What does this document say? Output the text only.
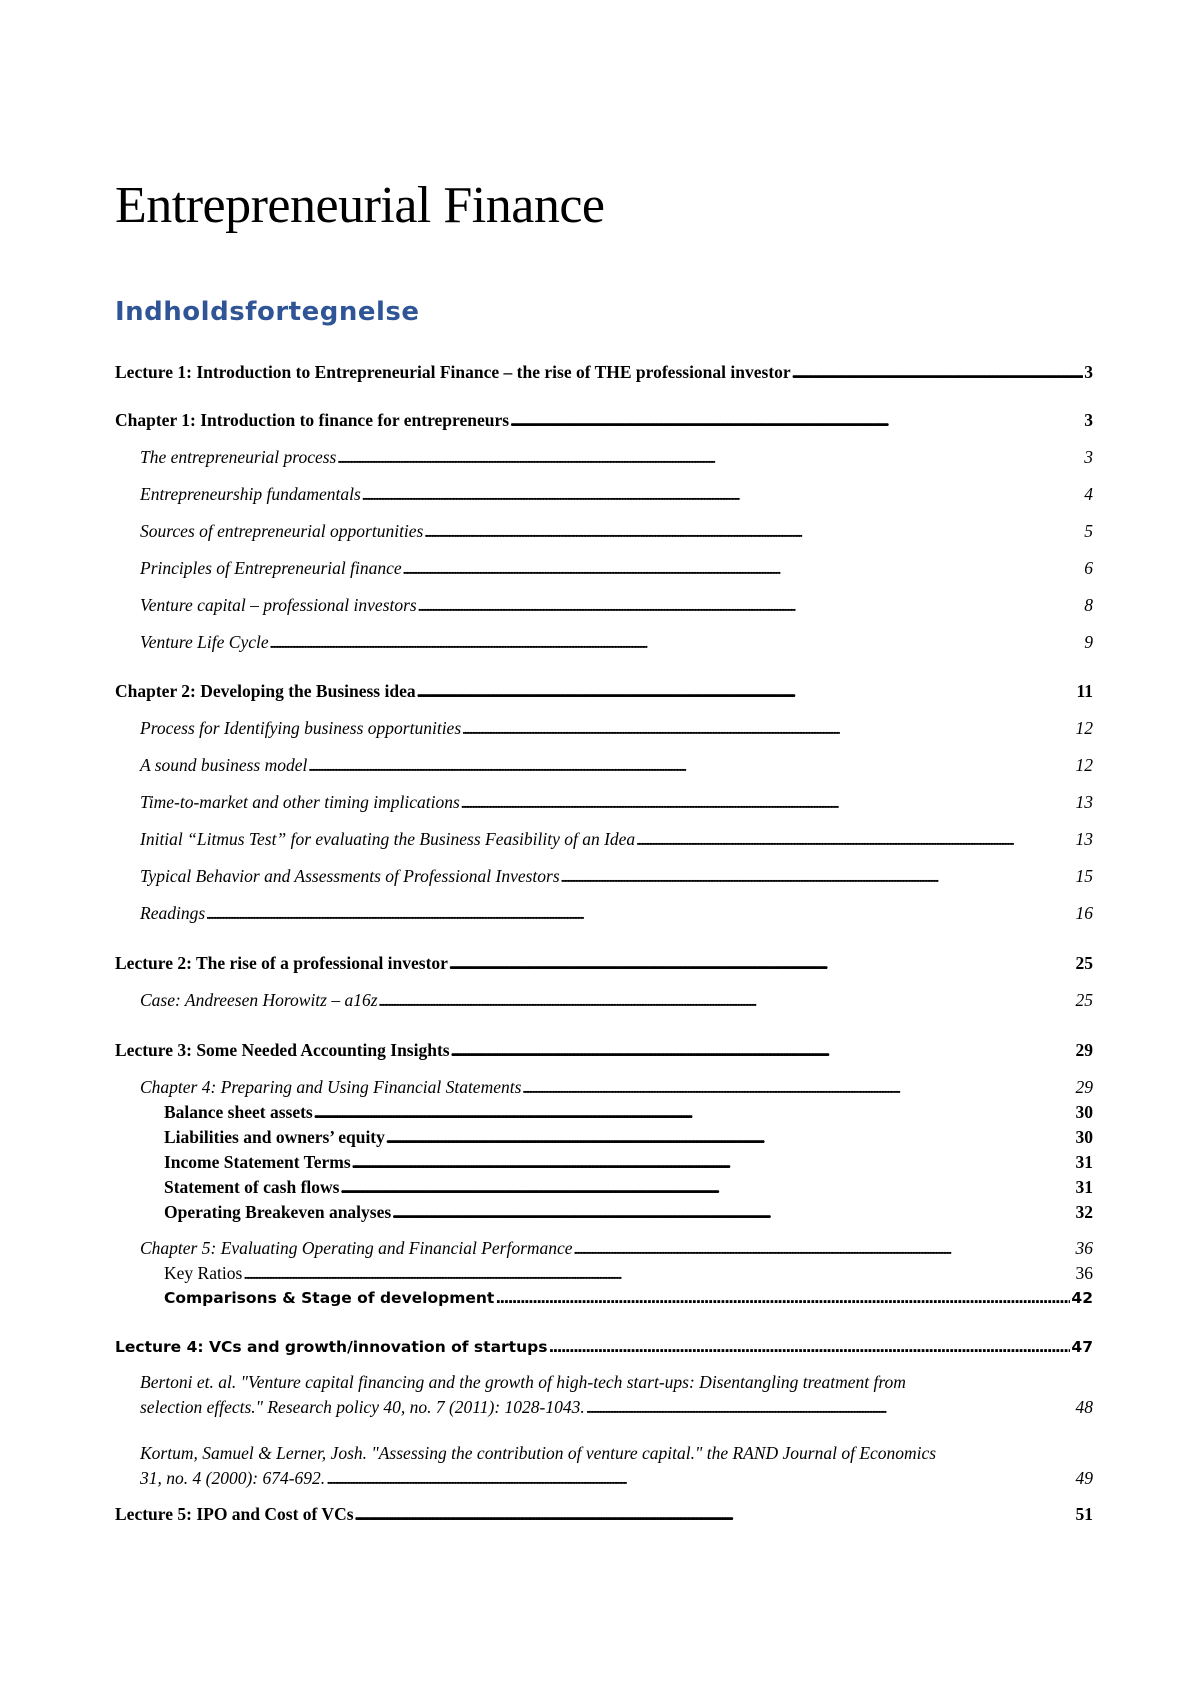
Entrepreneurial Finance
Indholdsfortegnelse
Lecture 1: Introduction to Entrepreneurial Finance – the rise of THE professional investor . . .	3
Chapter 1: Introduction to finance for entrepreneurs . . .	3
The entrepreneurial process . . .	3
Entrepreneurship fundamentals . . .	4
Sources of entrepreneurial opportunities . . .	5
Principles of Entrepreneurial finance . . .	6
Venture capital – professional investors . . .	8
Venture Life Cycle . . .	9
Chapter 2: Developing the Business idea . . .	11
Process for Identifying business opportunities . . .	12
A sound business model . . .	12
Time-to-market and other timing implications . . .	13
Initial “Litmus Test” for evaluating the Business Feasibility of an Idea . . .	13
Typical Behavior and Assessments of Professional Investors . . .	15
Readings . . .	16
Lecture 2: The rise of a professional investor . . .	25
Case: Andreesen Horowitz – a16z . . .	25
Lecture 3: Some Needed Accounting Insights . . .	29
Chapter 4: Preparing and Using Financial Statements . . .	29
Balance sheet assets . . .	30
Liabilities and owners’ equity . . .	30
Income Statement Terms . . .	31
Statement of cash flows . . .	31
Operating Breakeven analyses . . .	32
Chapter 5: Evaluating Operating and Financial Performance . . .	36
Key Ratios . . .	36
Comparisons & Stage of development . . .	42
Lecture 4: VCs and growth/innovation of startups . . .	47
Bertoni et. al. "Venture capital financing and the growth of high-tech start-ups: Disentangling treatment from
selection effects." Research policy 40, no. 7 (2011): 1028-1043. . . .	48
Kortum, Samuel & Lerner, Josh. "Assessing the contribution of venture capital." the RAND Journal of Economics
31, no. 4 (2000): 674-692. . . .	49
Lecture 5: IPO and Cost of VCs . . .	51
